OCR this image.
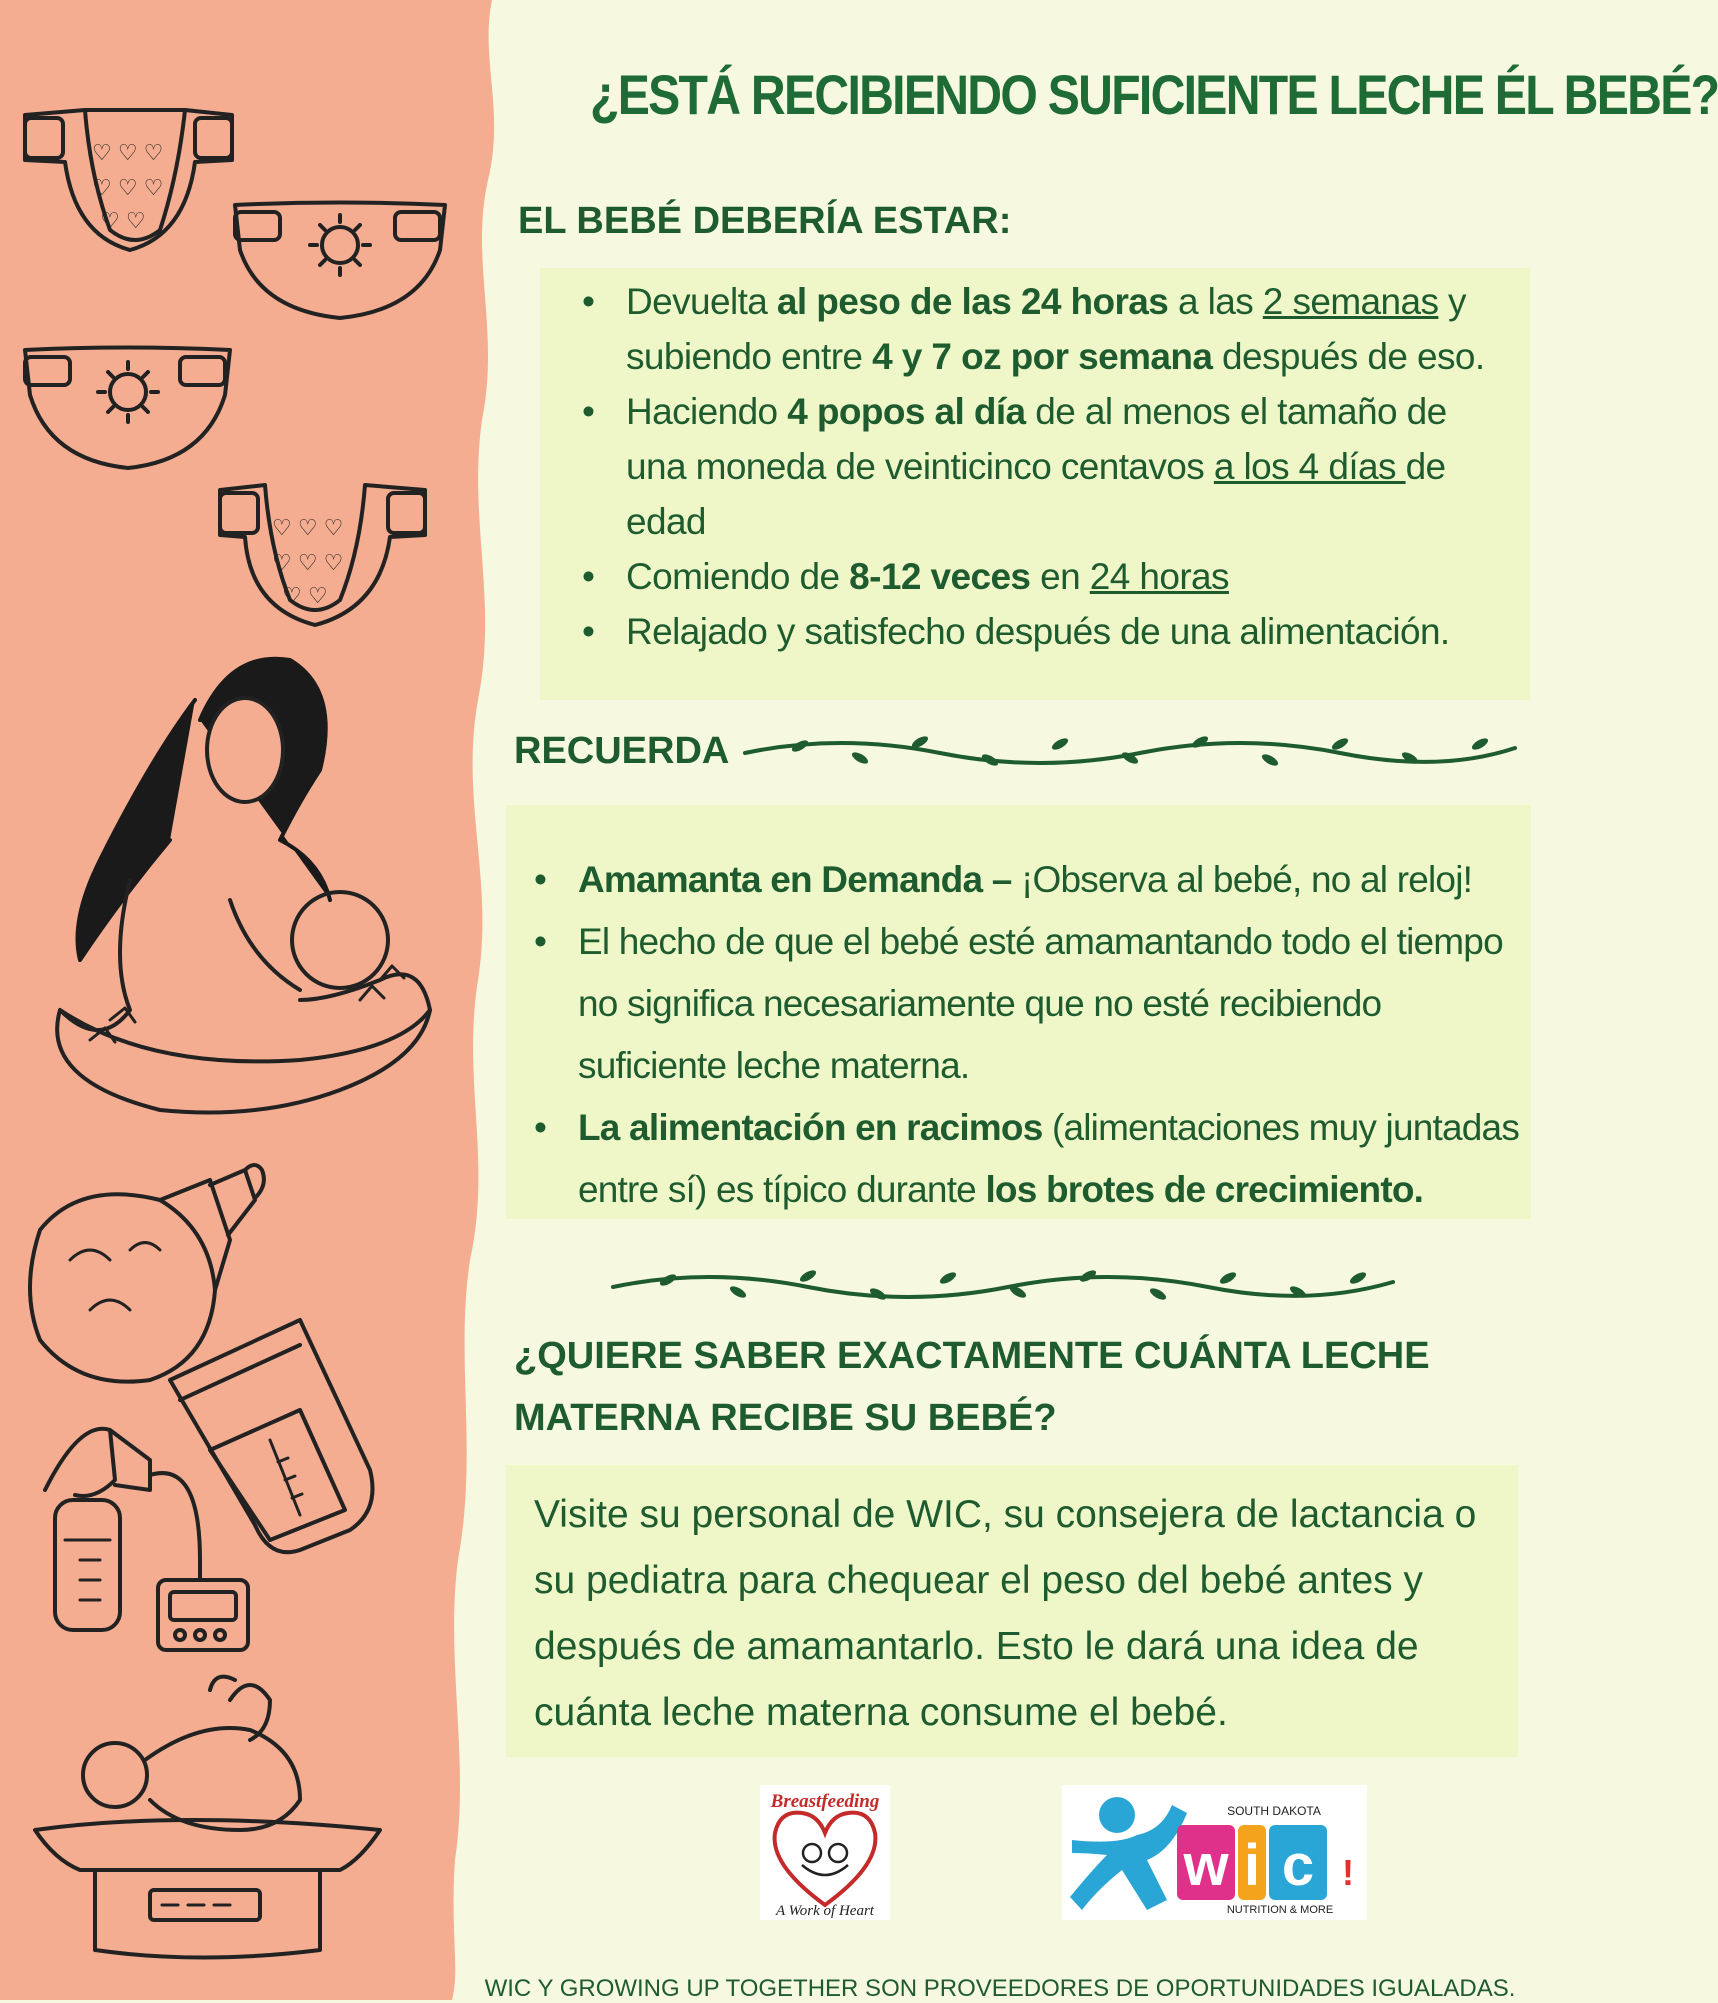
♡ ♡ ♡
♡ ♡ ♡
♡ ♡
♡ ♡ ♡
♡ ♡ ♡
♡ ♡
¿ESTÁ RECIBIENDO SUFICIENTE LECHE ÉL BEBÉ?
EL BEBÉ DEBERÍA ESTAR:
• Devuelta al peso de las 24 horas a las 2 semanas y subiendo entre 4 y 7 oz por semana después de eso.
• Haciendo 4 popos al día de al menos el tamaño de una moneda de veinticinco centavos a los 4 días de edad
• Comiendo de 8-12 veces en 24 horas
• Relajado y satisfecho después de una alimentación.
RECUERDA
• Amamanta en Demanda – ¡Observa al bebé, no al reloj!
• El hecho de que el bebé esté amamantando todo el tiempo no significa necesariamente que no esté recibiendo suficiente leche materna.
• La alimentación en racimos (alimentaciones muy juntadas entre sí) es típico durante los brotes de crecimiento.
¿QUIERE SABER EXACTAMENTE CUÁNTA LECHE MATERNA RECIBE SU BEBÉ?

Visite su personal de WIC, su consejera de lactancia o su pediatra para chequear el peso del bebé antes y después de amamantarlo. Esto le dará una idea de cuánta leche materna consume el bebé.

Breastfeeding
A Work of Heart
SOUTH DAKOTA
w i c !
NUTRITION & MORE
WIC Y GROWING UP TOGETHER SON PROVEEDORES DE OPORTUNIDADES IGUALADAS.
